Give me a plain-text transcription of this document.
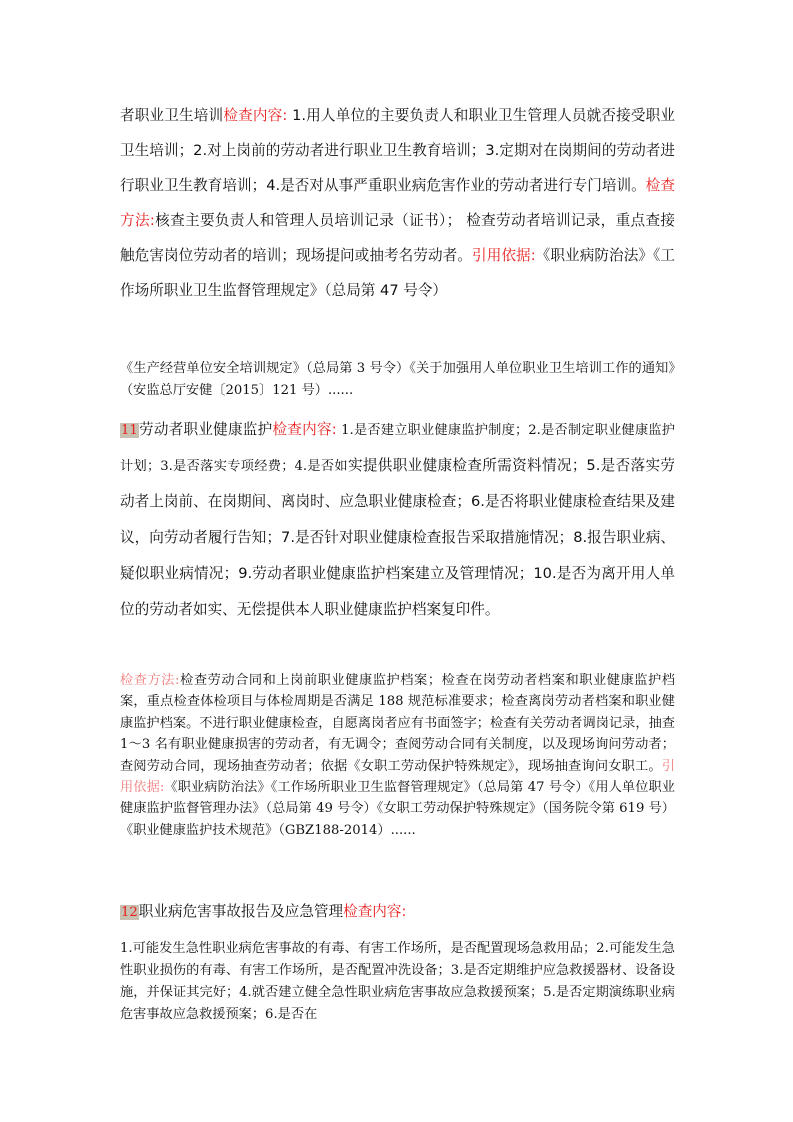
者职业卫生培训检查内容: 1.用人单位的主要负责人和职业卫生管理人员就否接受职业卫生培训；2.对上岗前的劳动者进行职业卫生教育培训；3.定期对在岗期间的劳动者进行职业卫生教育培训；4.是否对从事严重职业病危害作业的劳动者进行专门培训。检查方法:核查主要负责人和管理人员培训记录（证书）； 检查劳动者培训记录，重点查接触危害岗位劳动者的培训；现场提问或抽考名劳动者。引用依据:《职业病防治法》《工作场所职业卫生监督管理规定》（总局第 47 号令）

《生产经营单位安全培训规定》（总局第 3 号令）《关于加强用人单位职业卫生培训工作的通知》（安监总厅安健〔2015〕121 号）......

11劳动者职业健康监护检查内容: 1.是否建立职业健康监护制度；2.是否制定职业健康监护计划；3.是否落实专项经费；4.是否如实提供职业健康检查所需资料情况；5.是否落实劳动者上岗前、在岗期间、离岗时、应急职业健康检查；6.是否将职业健康检查结果及建议，向劳动者履行告知；7.是否针对职业健康检查报告采取措施情况；8.报告职业病、疑似职业病情况；9.劳动者职业健康监护档案建立及管理情况；10.是否为离开用人单位的劳动者如实、无偿提供本人职业健康监护档案复印件。

检查方法:检查劳动合同和上岗前职业健康监护档案；检查在岗劳动者档案和职业健康监护档案，重点检查体检项目与体检周期是否满足 188 规范标准要求；检查离岗劳动者档案和职业健康监护档案。不进行职业健康检查，自愿离岗者应有书面签字；检查有关劳动者调岗记录，抽查 1～3 名有职业健康损害的劳动者，有无调令；查阅劳动合同有关制度，以及现场询问劳动者；查阅劳动合同，现场抽查劳动者；依据《女职工劳动保护特殊规定》，现场抽查询问女职工。引用依据:《职业病防治法》《工作场所职业卫生监督管理规定》（总局第 47 号令）《用人单位职业健康监护监督管理办法》（总局第 49 号令）《女职工劳动保护特殊规定》（国务院令第 619 号）《职业健康监护技术规范》（GBZ188-2014）......

12职业病危害事故报告及应急管理检查内容:

1.可能发生急性职业病危害事故的有毒、有害工作场所，是否配置现场急救用品；2.可能发生急性职业损伤的有毒、有害工作场所，是否配置冲洗设备；3.是否定期维护应急救援器材、设备设施，并保证其完好；4.就否建立健全急性职业病危害事故应急救援预案；5.是否定期演练职业病危害事故应急救援预案；6.是否在
